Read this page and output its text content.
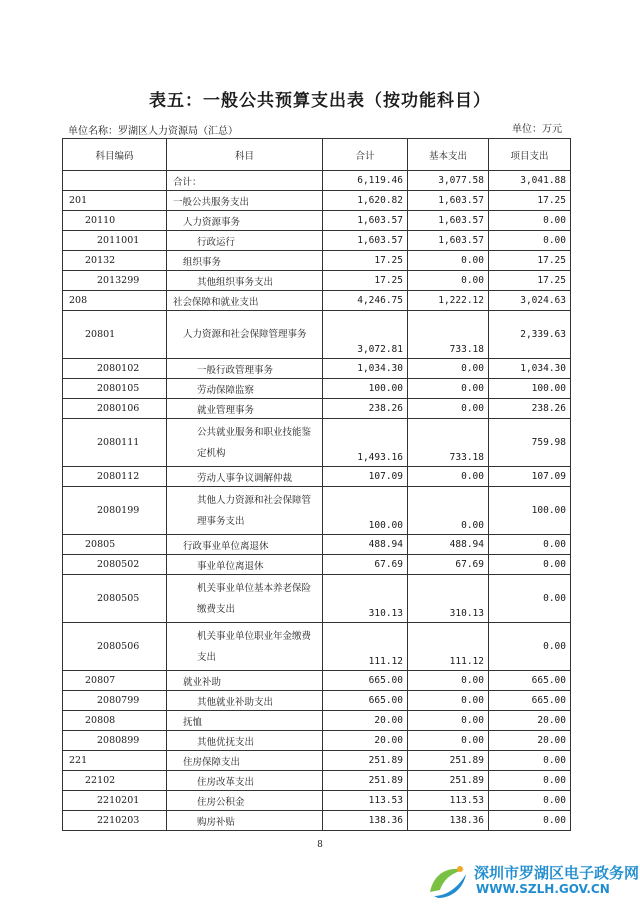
表五：一般公共预算支出表（按功能科目）
单位名称：罗湖区人力资源局（汇总）	单位：万元
科目编码	科目	合计	基本支出	项目支出
	合计：	6,119.46	3,077.58	3,041.88
201	一般公共服务支出	1,620.82	1,603.57	17.25
20110	人力资源事务	1,603.57	1,603.57	0.00
2011001	行政运行	1,603.57	1,603.57	0.00
20132	组织事务	17.25	0.00	17.25
2013299	其他组织事务支出	17.25	0.00	17.25
208	社会保障和就业支出	4,246.75	1,222.12	3,024.63
20801	人力资源和社会保障管理事务	3,072.81	733.18	2,339.63
2080102	一般行政管理事务	1,034.30	0.00	1,034.30
2080105	劳动保障监察	100.00	0.00	100.00
2080106	就业管理事务	238.26	0.00	238.26
2080111	公共就业服务和职业技能鉴定机构	1,493.16	733.18	759.98
2080112	劳动人事争议调解仲裁	107.09	0.00	107.09
2080199	其他人力资源和社会保障管理事务支出	100.00	0.00	100.00
20805	行政事业单位离退休	488.94	488.94	0.00
2080502	事业单位离退休	67.69	67.69	0.00
2080505	机关事业单位基本养老保险缴费支出	310.13	310.13	0.00
2080506	机关事业单位职业年金缴费支出	111.12	111.12	0.00
20807	就业补助	665.00	0.00	665.00
2080799	其他就业补助支出	665.00	0.00	665.00
20808	抚恤	20.00	0.00	20.00
2080899	其他优抚支出	20.00	0.00	20.00
221	住房保障支出	251.89	251.89	0.00
22102	住房改革支出	251.89	251.89	0.00
2210201	住房公积金	113.53	113.53	0.00
2210203	购房补贴	138.36	138.36	0.00
8
深圳市罗湖区电子政务网
WWW.SZLH.GOV.CN
